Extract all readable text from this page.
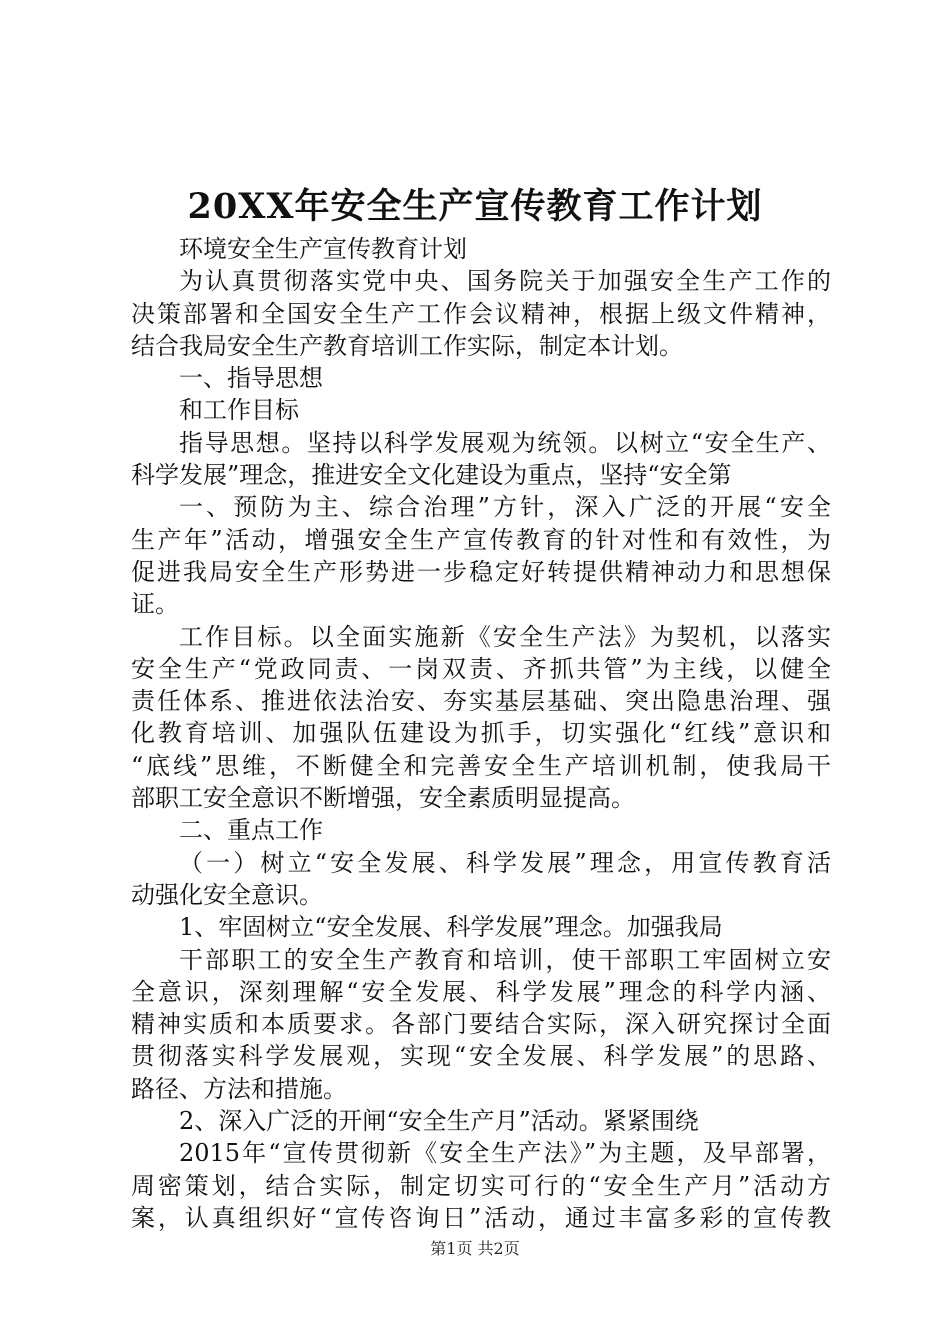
20XX年安全生产宣传教育工作计划
环境安全生产宣传教育计划
为认真贯彻落实党中央、国务院关于加强安全生产工作的
决策部署和全国安全生产工作会议精神，根据上级文件精神，
结合我局安全生产教育培训工作实际，制定本计划。
一、指导思想
和工作目标
指导思想。坚持以科学发展观为统领。以树立“安全生产、
科学发展”理念，推进安全文化建设为重点，坚持“安全第
一、预防为主、综合治理”方针，深入广泛的开展“安全
生产年”活动，增强安全生产宣传教育的针对性和有效性，为
促进我局安全生产形势进一步稳定好转提供精神动力和思想保
证。
工作目标。以全面实施新《安全生产法》为契机，以落实
安全生产“党政同责、一岗双责、齐抓共管”为主线，以健全
责任体系、推进依法治安、夯实基层基础、突出隐患治理、强
化教育培训、加强队伍建设为抓手，切实强化“红线”意识和
“底线”思维，不断健全和完善安全生产培训机制，使我局干
部职工安全意识不断增强，安全素质明显提高。
二、重点工作
（一）树立“安全发展、科学发展”理念，用宣传教育活
动强化安全意识。
1、牢固树立“安全发展、科学发展”理念。加强我局
干部职工的安全生产教育和培训，使干部职工牢固树立安
全意识，深刻理解“安全发展、科学发展”理念的科学内涵、
精神实质和本质要求。各部门要结合实际，深入研究探讨全面
贯彻落实科学发展观，实现“安全发展、科学发展”的思路、
路径、方法和措施。
2、深入广泛的开闸“安全生产月”活动。紧紧围绕
2015年“宣传贯彻新《安全生产法》”为主题，及早部署，
周密策划，结合实际，制定切实可行的“安全生产月”活动方
案，认真组织好“宣传咨询日”活动，通过丰富多彩的宣传教
第1页 共2页
